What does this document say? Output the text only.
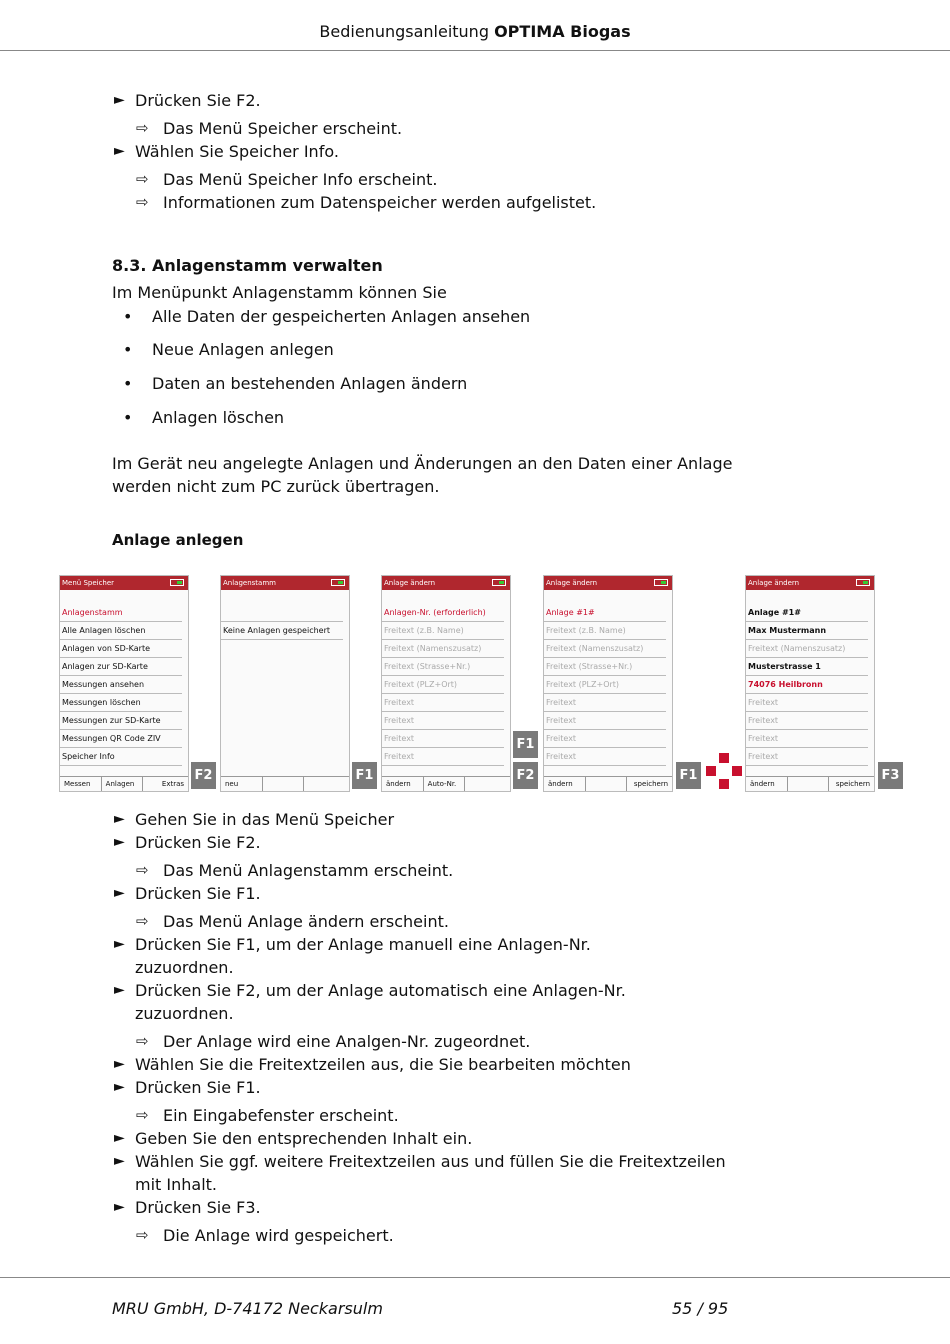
Bedienungsanleitung OPTIMA Biogas
► Drücken Sie F2.
⇨ Das Menü Speicher erscheint.
► Wählen Sie Speicher Info.
⇨ Das Menü Speicher Info erscheint.
⇨ Informationen zum Datenspeicher werden aufgelistet.
8.3. Anlagenstamm verwalten
Im Menüpunkt Anlagenstamm können Sie
• Alle Daten der gespeicherten Anlagen ansehen
• Neue Anlagen anlegen
• Daten an bestehenden Anlagen ändern
• Anlagen löschen
Im Gerät neu angelegte Anlagen und Änderungen an den Daten einer Anlage
werden nicht zum PC zurück übertragen.
Anlage anlegen
Menü Speicher
Anlagenstamm
Alle Anlagen löschen
Anlagen von SD-Karte
Anlagen zur SD-Karte
Messungen ansehen
Messungen löschen
Messungen zur SD-Karte
Messungen QR Code ZIV
Speicher Info
Messen	Anlagen	Extras
Anlagenstamm
Keine Anlagen gespeichert
neu
Anlage ändern
Anlagen-Nr. (erforderlich)
Freitext (z.B. Name)
Freitext (Namenszusatz)
Freitext (Strasse+Nr.)
Freitext (PLZ+Ort)
Freitext
Freitext
Freitext
Freitext
ändern	Auto-Nr.
Anlage ändern
Anlage #1#
Freitext (z.B. Name)
Freitext (Namenszusatz)
Freitext (Strasse+Nr.)
Freitext (PLZ+Ort)
Freitext
Freitext
Freitext
Freitext
ändern	speichern
Anlage ändern
Anlage #1#
Max Mustermann
Freitext (Namenszusatz)
Musterstrasse 1
74076 Heilbronn
Freitext
Freitext
Freitext
Freitext
ändern	speichern
F2	F1
F1
F2	F1	F3
► Gehen Sie in das Menü Speicher
► Drücken Sie F2.
⇨ Das Menü Anlagenstamm erscheint.
► Drücken Sie F1.
⇨ Das Menü Anlage ändern erscheint.
► Drücken Sie F1, um der Anlage manuell eine Anlagen-Nr.
zuzuordnen.
► Drücken Sie F2, um der Anlage automatisch eine Anlagen-Nr.
zuzuordnen.
⇨ Der Anlage wird eine Analgen-Nr. zugeordnet.
► Wählen Sie die Freitextzeilen aus, die Sie bearbeiten möchten
► Drücken Sie F1.
⇨ Ein Eingabefenster erscheint.
► Geben Sie den entsprechenden Inhalt ein.
► Wählen Sie ggf. weitere Freitextzeilen aus und füllen Sie die Freitextzeilen
mit Inhalt.
► Drücken Sie F3.
⇨ Die Anlage wird gespeichert.
MRU GmbH, D-74172 Neckarsulm	55 / 95
